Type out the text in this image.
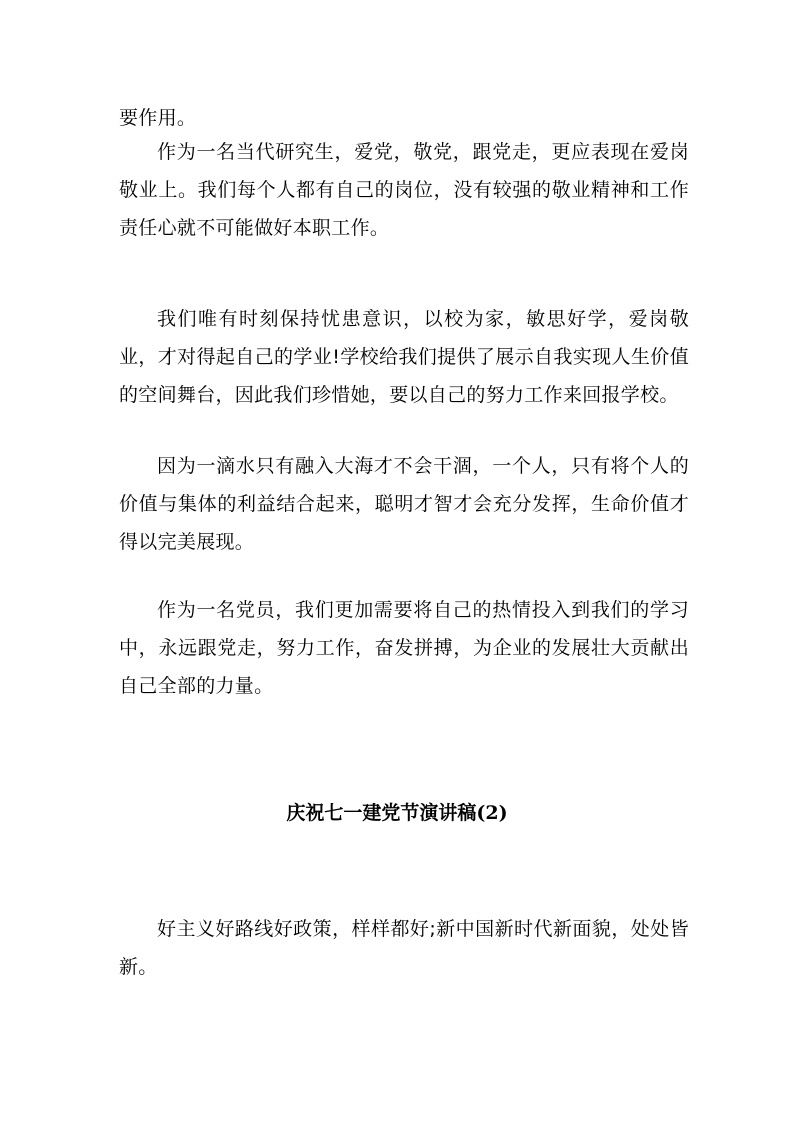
要作用。

作为一名当代研究生，爱党，敬党，跟党走，更应表现在爱岗敬业上。我们每个人都有自己的岗位，没有较强的敬业精神和工作责任心就不可能做好本职工作。

我们唯有时刻保持忧患意识，以校为家，敏思好学，爱岗敬业，才对得起自己的学业!学校给我们提供了展示自我实现人生价值的空间舞台，因此我们珍惜她，要以自己的努力工作来回报学校。

因为一滴水只有融入大海才不会干涸，一个人，只有将个人的价值与集体的利益结合起来，聪明才智才会充分发挥，生命价值才得以完美展现。

作为一名党员，我们更加需要将自己的热情投入到我们的学习中，永远跟党走，努力工作，奋发拼搏，为企业的发展壮大贡献出自己全部的力量。

庆祝七一建党节演讲稿(2)

好主义好路线好政策，样样都好;新中国新时代新面貌，处处皆新。
